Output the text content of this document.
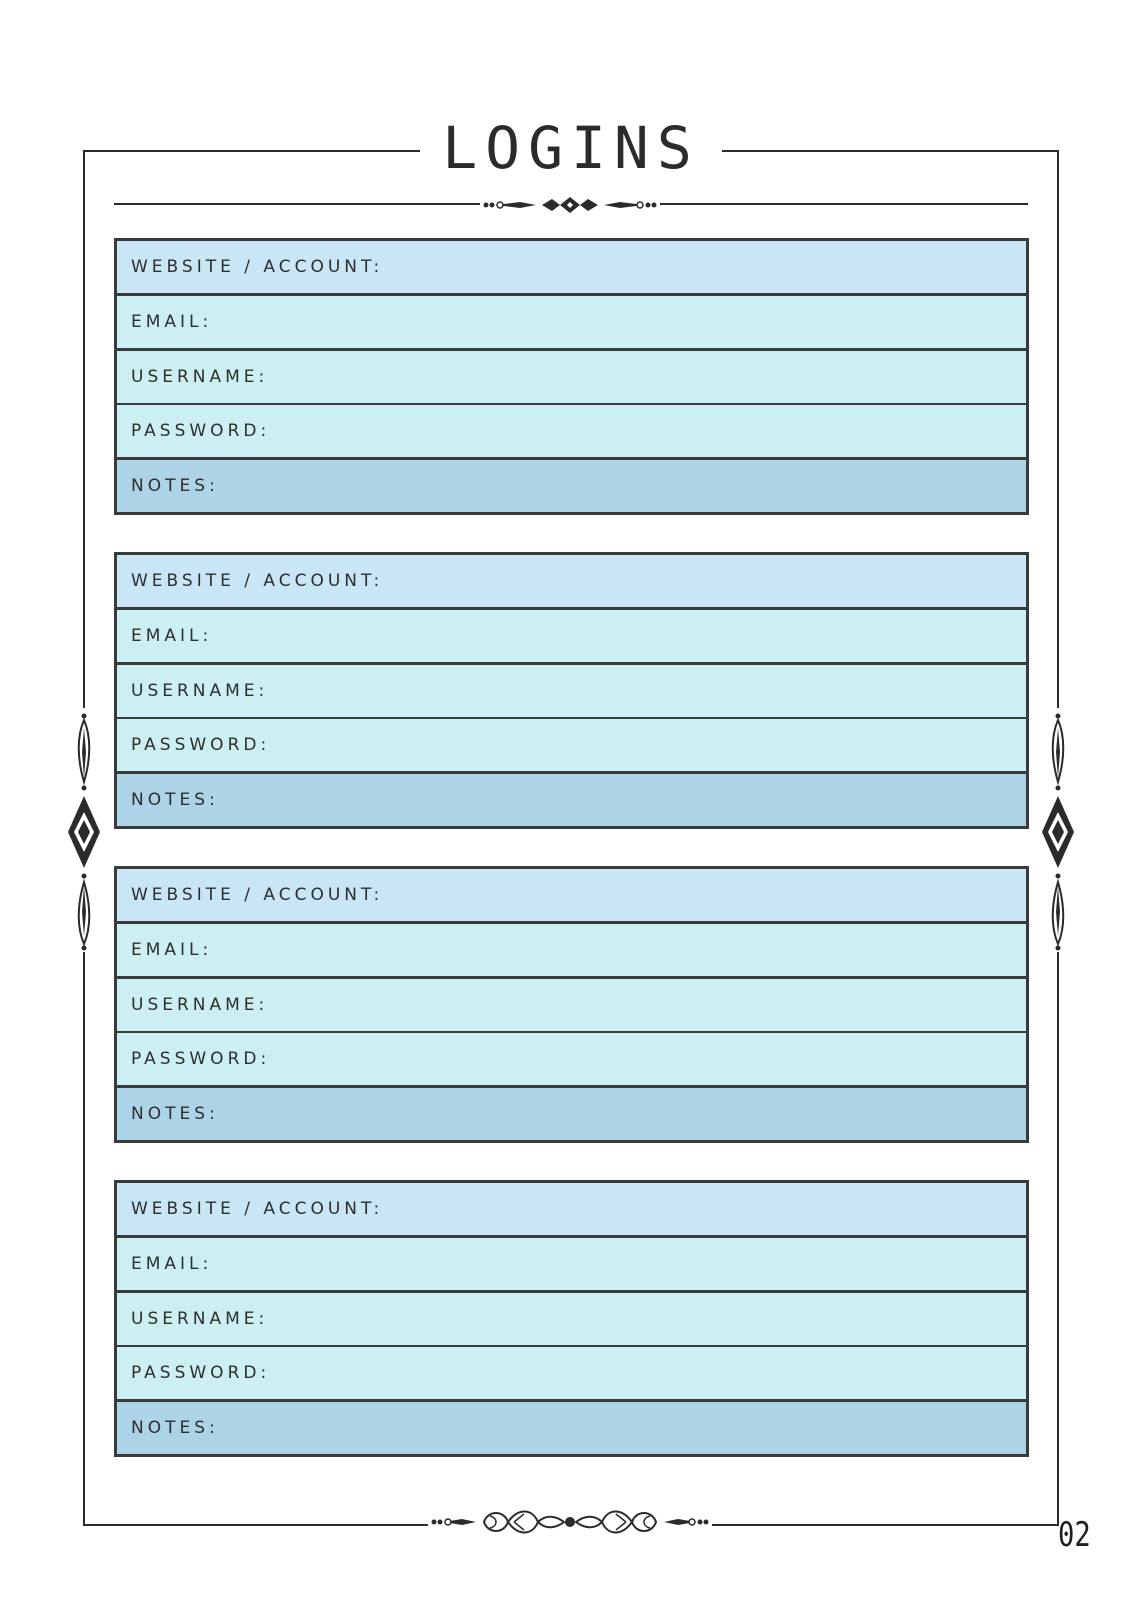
LOGINS
WEBSITE / ACCOUNT:
EMAIL:
USERNAME:
PASSWORD:
NOTES:
WEBSITE / ACCOUNT:
EMAIL:
USERNAME:
PASSWORD:
NOTES:
WEBSITE / ACCOUNT:
EMAIL:
USERNAME:
PASSWORD:
NOTES:
WEBSITE / ACCOUNT:
EMAIL:
USERNAME:
PASSWORD:
NOTES:
02
